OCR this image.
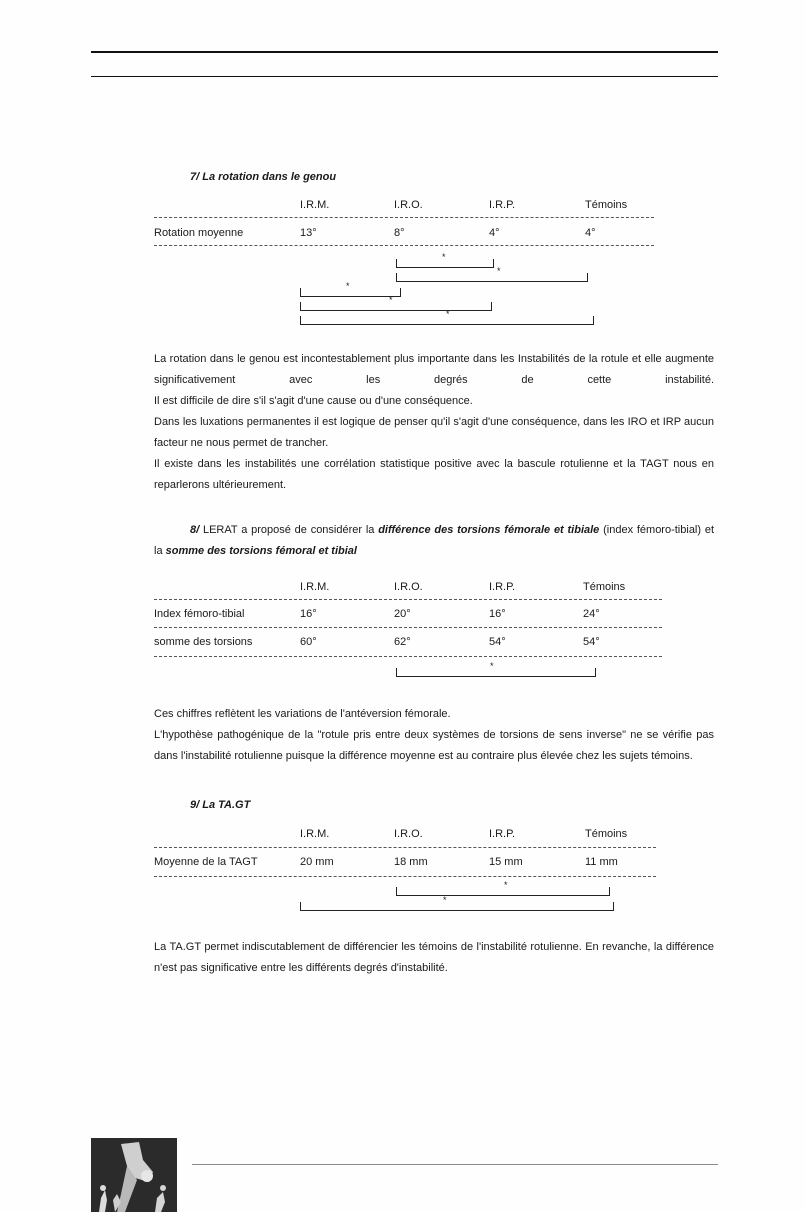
7/ La rotation dans le genou
I.R.M.	I.R.O.	I.R.P.	Témoins
Rotation moyenne	13°	8°	4°	4°
*
*
*
*
*

La rotation dans le genou est incontestablement plus importante dans les Instabilités de la rotule et elle augmente significativement avec les degrés de cette instabilité.

Il est difficile de dire s'il s'agit d'une cause ou d'une conséquence.

Dans les luxations permanentes il est logique de penser qu'il s'agit d'une conséquence, dans les IRO et IRP aucun facteur ne nous permet de trancher.

Il existe dans les instabilités une corrélation statistique positive avec la bascule rotulienne et la TAGT nous en reparlerons ultérieurement.

8/ LERAT a proposé de considérer la différence des torsions fémorale et tibiale (index fémoro-tibial) et la somme des torsions fémoral et tibial

I.R.M.	I.R.O.	I.R.P.	Témoins
Index fémoro-tibial	16°	20°	16°	24°
somme des torsions	60°	62°	54°	54°
*

Ces chiffres reflètent les variations de l'antéversion fémorale.

L'hypothèse pathogénique de la "rotule pris entre deux systèmes de torsions de sens inverse" ne se vérifie pas dans l'instabilité rotulienne puisque la différence moyenne est au contraire plus élevée chez les sujets témoins.

9/ La TA.GT
I.R.M.	I.R.O.	I.R.P.	Témoins
Moyenne de la TAGT	20 mm	18 mm	15 mm	11 mm
*
*

La TA.GT permet indiscutablement de différencier les témoins de l'instabilité rotulienne. En revanche, la différence n'est pas significative entre les différents degrés d'instabilité.
